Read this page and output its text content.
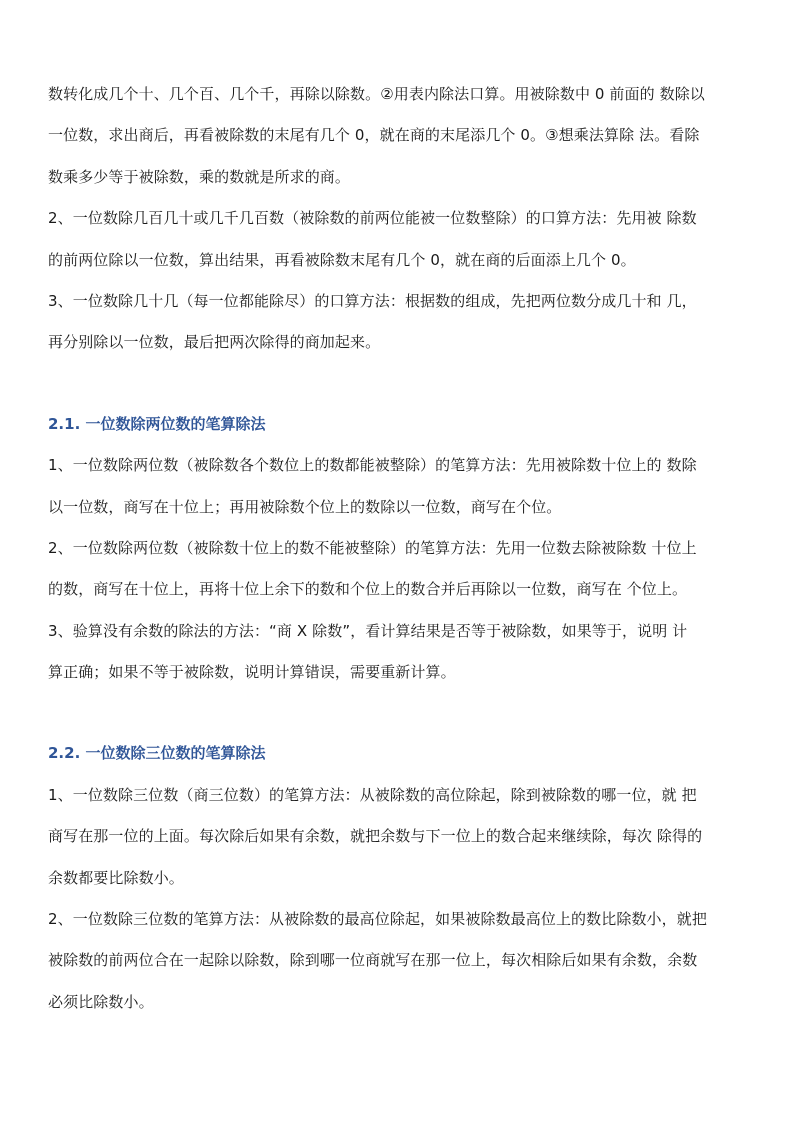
数转化成几个十、几个百、几个千，再除以除数。②用表内除法口算。用被除数中 0 前面的 数除以
一位数，求出商后，再看被除数的末尾有几个 0，就在商的末尾添几个 0。③想乘法算除 法。看除
数乘多少等于被除数，乘的数就是所求的商。
2、一位数除几百几十或几千几百数（被除数的前两位能被一位数整除）的口算方法：先用被 除数
的前两位除以一位数，算出结果，再看被除数末尾有几个 0，就在商的后面添上几个 0。
3、一位数除几十几（每一位都能除尽）的口算方法：根据数的组成，先把两位数分成几十和 几，
再分别除以一位数，最后把两次除得的商加起来。
2.1. 一位数除两位数的笔算除法
1、一位数除两位数（被除数各个数位上的数都能被整除）的笔算方法：先用被除数十位上的 数除
以一位数，商写在十位上；再用被除数个位上的数除以一位数，商写在个位。
2、一位数除两位数（被除数十位上的数不能被整除）的笔算方法：先用一位数去除被除数 十位上
的数，商写在十位上，再将十位上余下的数和个位上的数合并后再除以一位数，商写在 个位上。
3、验算没有余数的除法的方法：“商 X 除数”，看计算结果是否等于被除数，如果等于，说明 计
算正确；如果不等于被除数，说明计算错误，需要重新计算。
2.2. 一位数除三位数的笔算除法
1、一位数除三位数（商三位数）的笔算方法：从被除数的高位除起，除到被除数的哪一位，就 把
商写在那一位的上面。每次除后如果有余数，就把余数与下一位上的数合起来继续除，每次 除得的
余数都要比除数小。
2、一位数除三位数的笔算方法：从被除数的最高位除起，如果被除数最高位上的数比除数小，就把
被除数的前两位合在一起除以除数，除到哪一位商就写在那一位上，每次相除后如果有余数，余数
必须比除数小。
